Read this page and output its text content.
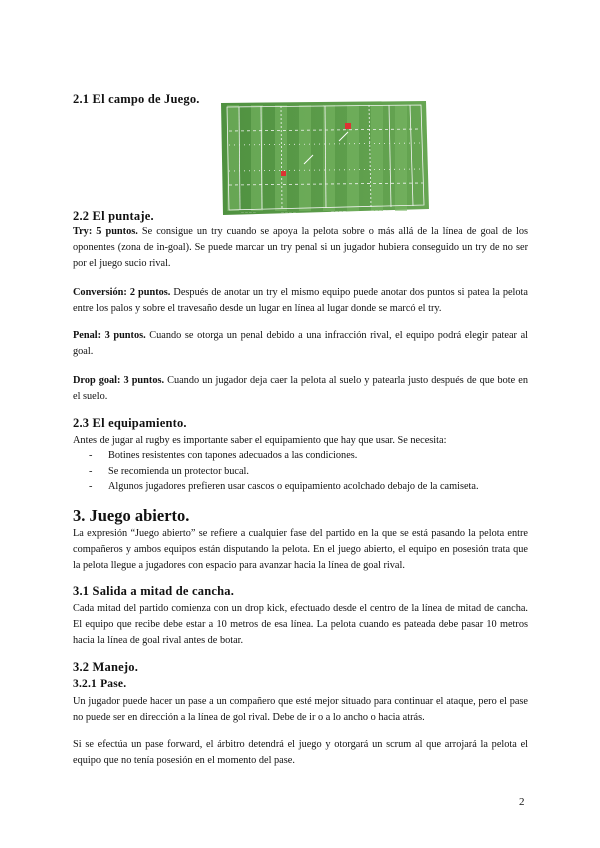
2.1 El campo de Juego.
— — — —	— — — —	— — — —	— — — —
2.2 El puntaje.

Try: 5 puntos. Se consigue un try cuando se apoya la pelota sobre o más allá de la línea de goal de los oponentes (zona de in-goal). Se puede marcar un try penal si un jugador hubiera conseguido un try de no ser por el juego sucio rival.

Conversión: 2 puntos. Después de anotar un try el mismo equipo puede anotar dos puntos si patea la pelota entre los palos y sobre el travesaño desde un lugar en línea al lugar donde se marcó el try.

Penal: 3 puntos. Cuando se otorga un penal debido a una infracción rival, el equipo podrá elegir patear al goal.

Drop goal: 3 puntos. Cuando un jugador deja caer la pelota al suelo y patearla justo después de que bote en el suelo.

2.3 El equipamiento.

Antes de jugar al rugby es importante saber el equipamiento que hay que usar. Se necesita:

- Botines resistentes con tapones adecuados a las condiciones.
- Se recomienda un protector bucal.
- Algunos jugadores prefieren usar cascos o equipamiento acolchado debajo de la camiseta.
3. Juego abierto.

La expresión “Juego abierto” se refiere a cualquier fase del partido en la que se está pasando la pelota entre compañeros y ambos equipos están disputando la pelota. En el juego abierto, el equipo en posesión trata que la pelota llegue a jugadores con espacio para avanzar hacia la línea de goal rival.

3.1 Salida a mitad de cancha.

Cada mitad del partido comienza con un drop kick, efectuado desde el centro de la línea de mitad de cancha. El equipo que recibe debe estar a 10 metros de esa línea. La pelota cuando es pateada debe pasar 10 metros hacia la línea de goal rival antes de botar.

3.2 Manejo.
3.2.1 Pase.

Un jugador puede hacer un pase a un compañero que esté mejor situado para continuar el ataque, pero el pase no puede ser en dirección a la línea de gol rival. Debe de ir o a lo ancho o hacia atrás.

Si se efectúa un pase forward, el árbitro detendrá el juego y otorgará un scrum al que arrojará la pelota el equipo que no tenía posesión en el momento del pase.

2
